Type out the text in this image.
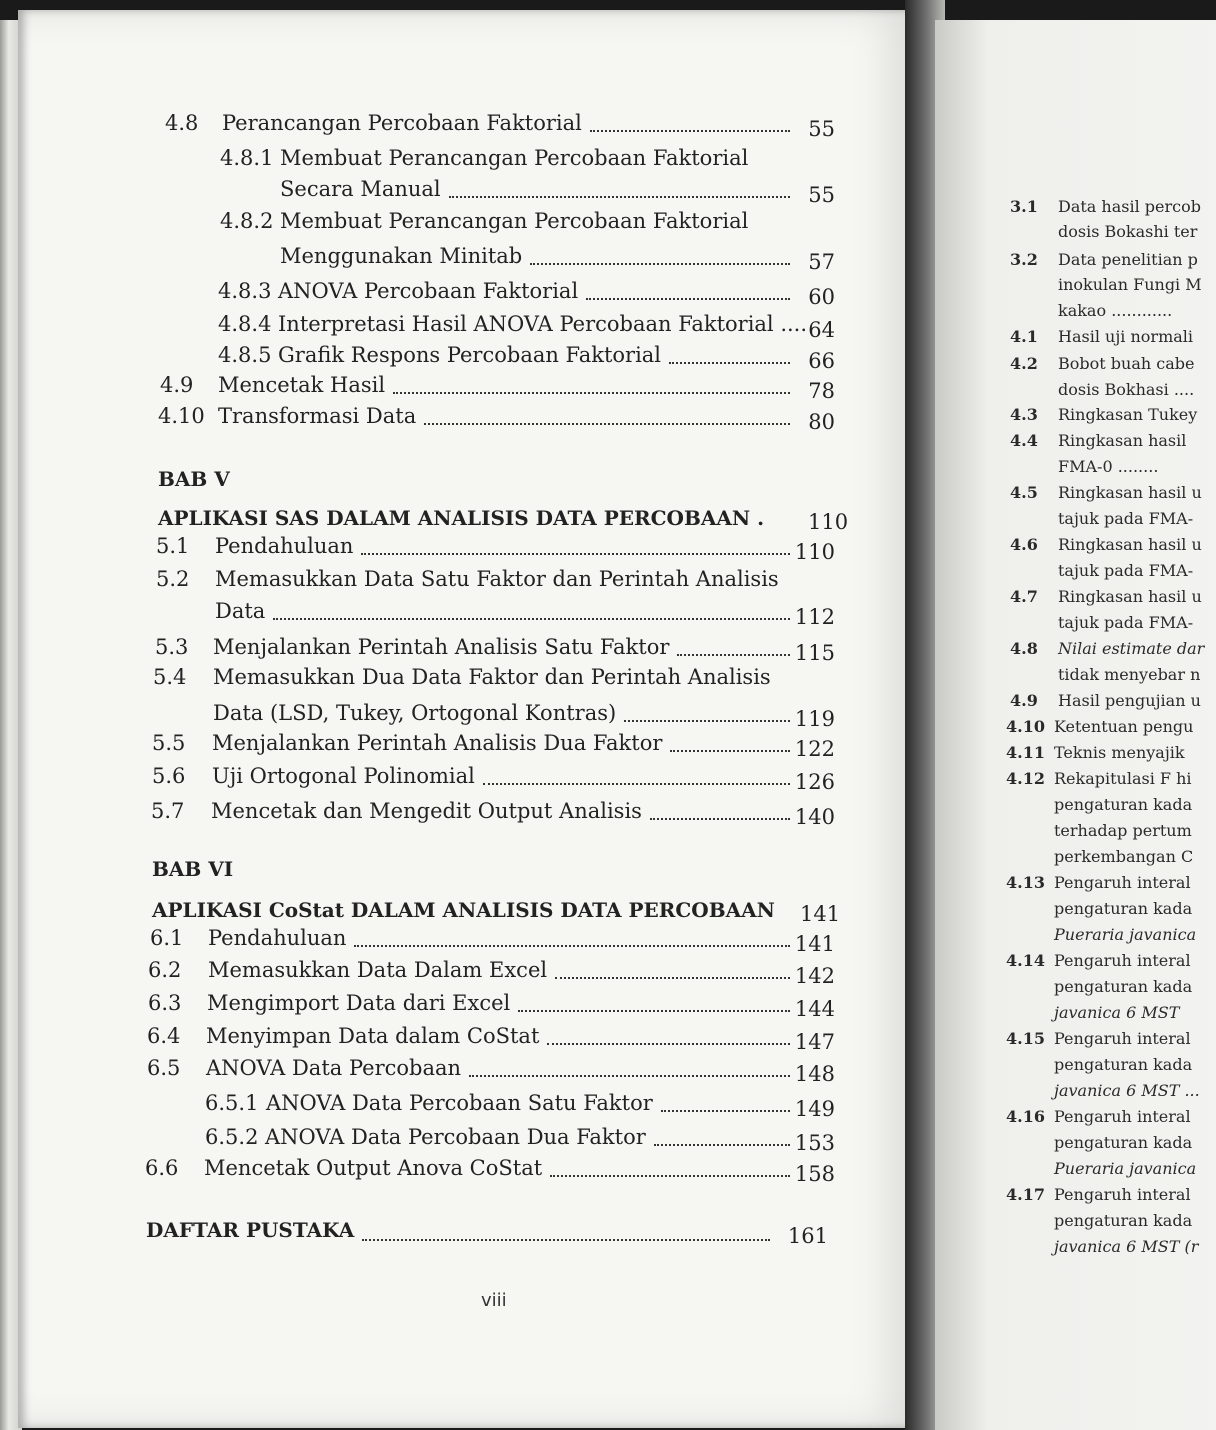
4.8 Perancangan Percobaan Faktorial	55
4.8.1 Membuat Perancangan Percobaan Faktorial
Secara Manual	55
4.8.2 Membuat Perancangan Percobaan Faktorial
Menggunakan Minitab	57
4.8.3 ANOVA Percobaan Faktorial	60
4.8.4 Interpretasi Hasil ANOVA Percobaan Faktorial .... 64
4.8.5 Grafik Respons Percobaan Faktorial	66
4.9 Mencetak Hasil	78
4.10 Transformasi Data	80
BAB V
APLIKASI SAS DALAM ANALISIS DATA PERCOBAAN . 110
5.1 Pendahuluan	110
5.2 Memasukkan Data Satu Faktor dan Perintah Analisis
Data	112
5.3 Menjalankan Perintah Analisis Satu Faktor	115
5.4 Memasukkan Dua Data Faktor dan Perintah Analisis
Data (LSD, Tukey, Ortogonal Kontras)	119
5.5 Menjalankan Perintah Analisis Dua Faktor	122
5.6 Uji Ortogonal Polinomial	126
5.7 Mencetak dan Mengedit Output Analisis	140
BAB VI
APLIKASI CoStat DALAM ANALISIS DATA PERCOBAAN 141
6.1 Pendahuluan	141
6.2 Memasukkan Data Dalam Excel	142
6.3 Mengimport Data dari Excel	144
6.4 Menyimpan Data dalam CoStat	147
6.5 ANOVA Data Percobaan	148
6.5.1 ANOVA Data Percobaan Satu Faktor	149
6.5.2 ANOVA Data Percobaan Dua Faktor	153
6.6 Mencetak Output Anova CoStat	158
DAFTAR PUSTAKA	161
viii
3.1 Data hasil percob
dosis Bokashi ter
3.2 Data penelitian p
inokulan Fungi M
kakao ............
4.1 Hasil uji normali
4.2 Bobot buah cabe
dosis Bokhasi ....
4.3 Ringkasan Tukey
4.4 Ringkasan hasil
FMA-0 ........
4.5 Ringkasan hasil u
tajuk pada FMA-
4.6 Ringkasan hasil u
tajuk pada FMA-
4.7 Ringkasan hasil u
tajuk pada FMA-
4.8 Nilai estimate dar
tidak menyebar n
4.9 Hasil pengujian u
4.10 Ketentuan pengu
4.11 Teknis menyajik
4.12 Rekapitulasi F hi
pengaturan kada
terhadap pertum
perkembangan C
4.13 Pengaruh interal
pengaturan kada
Pueraria javanica
4.14 Pengaruh interal
pengaturan kada
javanica 6 MST
4.15 Pengaruh interal
pengaturan kada
javanica 6 MST ...
4.16 Pengaruh interal
pengaturan kada
Pueraria javanica
4.17 Pengaruh interal
pengaturan kada
javanica 6 MST (r
